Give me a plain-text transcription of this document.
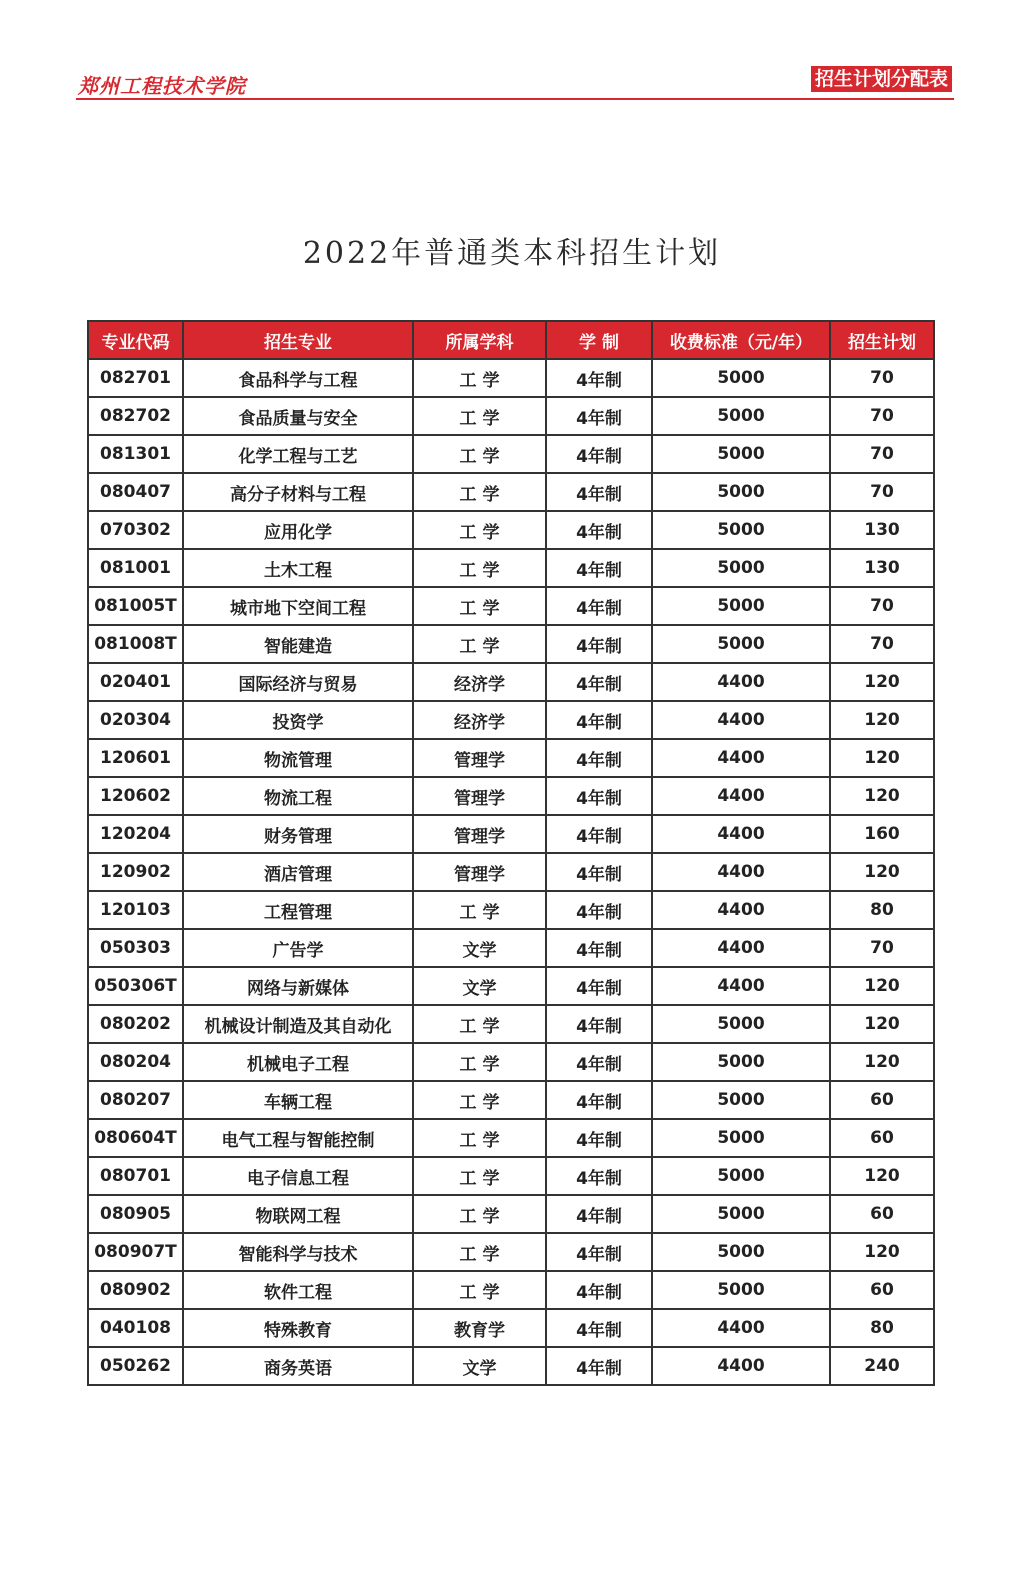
郑州工程技术学院	招生计划分配表
2022年普通类本科招生计划
专业代码	招生专业	所属学科	学 制	收费标准（元/年）	招生计划
082701	食品科学与工程	工 学	4年制	5000	70
082702	食品质量与安全	工 学	4年制	5000	70
081301	化学工程与工艺	工 学	4年制	5000	70
080407	高分子材料与工程	工 学	4年制	5000	70
070302	应用化学	工 学	4年制	5000	130
081001	土木工程	工 学	4年制	5000	130
081005T	城市地下空间工程	工 学	4年制	5000	70
081008T	智能建造	工 学	4年制	5000	70
020401	国际经济与贸易	经济学	4年制	4400	120
020304	投资学	经济学	4年制	4400	120
120601	物流管理	管理学	4年制	4400	120
120602	物流工程	管理学	4年制	4400	120
120204	财务管理	管理学	4年制	4400	160
120902	酒店管理	管理学	4年制	4400	120
120103	工程管理	工 学	4年制	4400	80
050303	广告学	文学	4年制	4400	70
050306T	网络与新媒体	文学	4年制	4400	120
080202	机械设计制造及其自动化	工 学	4年制	5000	120
080204	机械电子工程	工 学	4年制	5000	120
080207	车辆工程	工 学	4年制	5000	60
080604T	电气工程与智能控制	工 学	4年制	5000	60
080701	电子信息工程	工 学	4年制	5000	120
080905	物联网工程	工 学	4年制	5000	60
080907T	智能科学与技术	工 学	4年制	5000	120
080902	软件工程	工 学	4年制	5000	60
040108	特殊教育	教育学	4年制	4400	80
050262	商务英语	文学	4年制	4400	240
